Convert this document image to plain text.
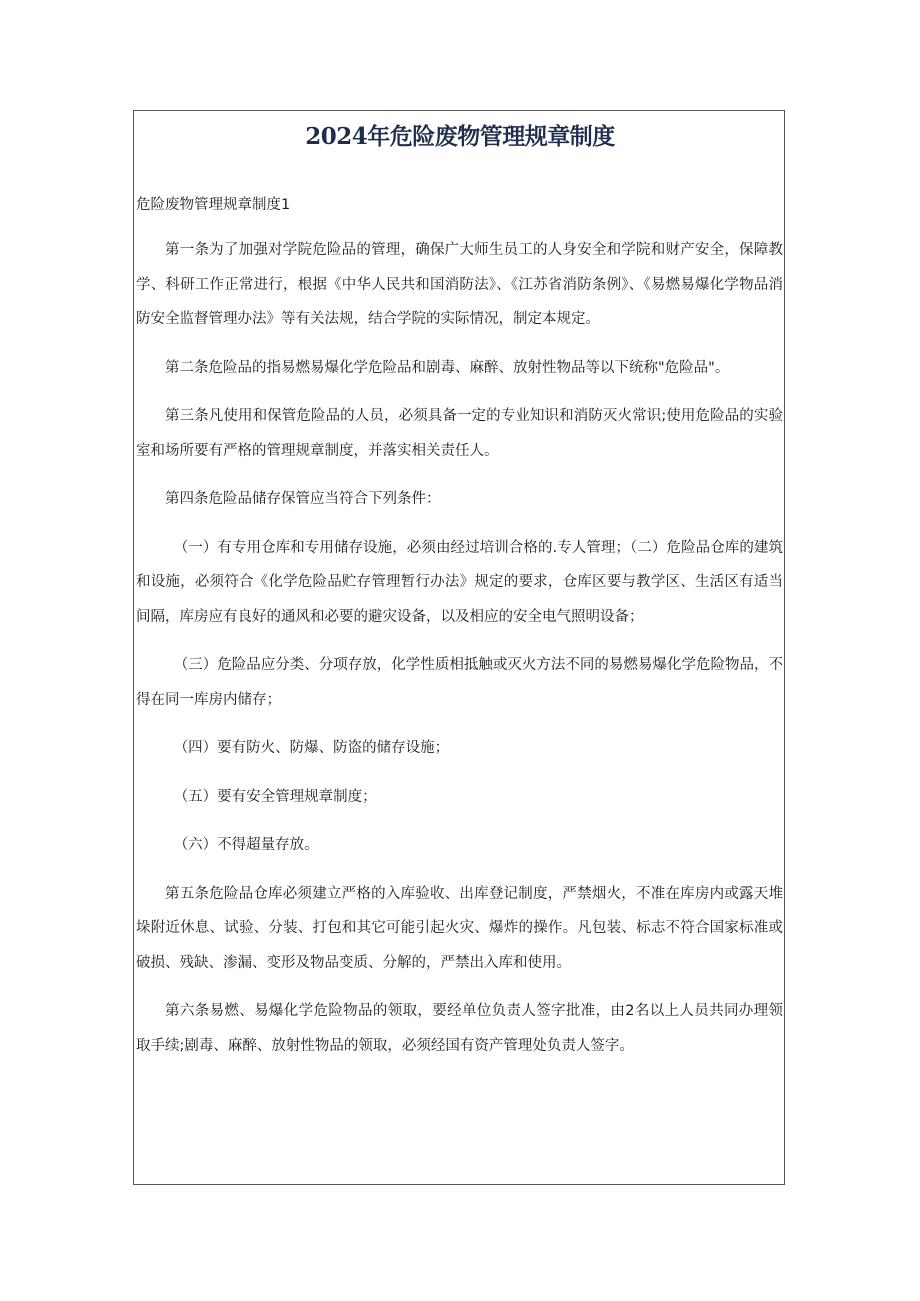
2024年危险废物管理规章制度
危险废物管理规章制度1

第一条为了加强对学院危险品的管理，确保广大师生员工的人身安全和学院和财产安全，保障教学、科研工作正常进行，根据《中华人民共和国消防法》、《江苏省消防条例》、《易燃易爆化学物品消防安全监督管理办法》等有关法规，结合学院的实际情况，制定本规定。

第二条危险品的指易燃易爆化学危险品和剧毒、麻醉、放射性物品等以下统称"危险品"。

第三条凡使用和保管危险品的人员，必须具备一定的专业知识和消防灭火常识;使用危险品的实验室和场所要有严格的管理规章制度，并落实相关责任人。

第四条危险品储存保管应当符合下列条件：

（一）有专用仓库和专用储存设施，必须由经过培训合格的.专人管理；（二）危险品仓库的建筑和设施，必须符合《化学危险品贮存管理暂行办法》规定的要求，仓库区要与教学区、生活区有适当间隔，库房应有良好的通风和必要的避灾设备，以及相应的安全电气照明设备；

（三）危险品应分类、分项存放，化学性质相抵触或灭火方法不同的易燃易爆化学危险物品，不得在同一库房内储存；

（四）要有防火、防爆、防盗的储存设施；

（五）要有安全管理规章制度；

（六）不得超量存放。

第五条危险品仓库必须建立严格的入库验收、出库登记制度，严禁烟火，不准在库房内或露天堆垛附近休息、试验、分装、打包和其它可能引起火灾、爆炸的操作。凡包装、标志不符合国家标准或破损、残缺、渗漏、变形及物品变质、分解的，严禁出入库和使用。

第六条易燃、易爆化学危险物品的领取，要经单位负责人签字批准，由2名以上人员共同办理领取手续;剧毒、麻醉、放射性物品的领取，必须经国有资产管理处负责人签字。
